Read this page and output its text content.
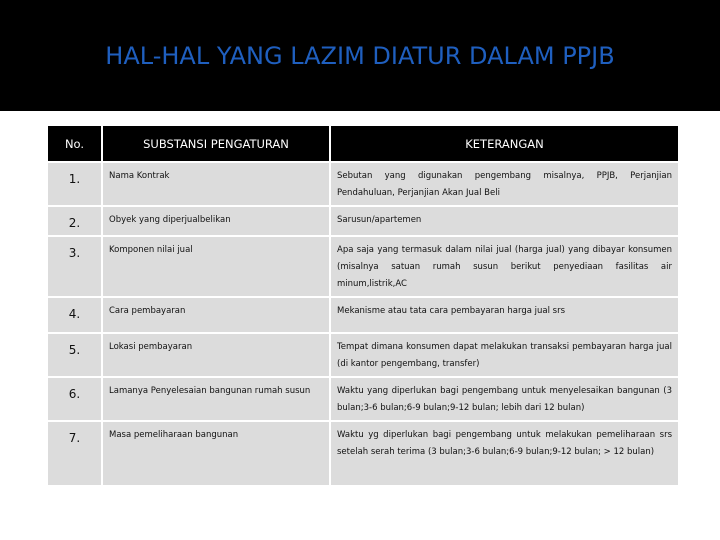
HAL-HAL YANG LAZIM DIATUR DALAM PPJB
No.	SUBSTANSI PENGATURAN	KETERANGAN
1.	Nama Kontrak	Sebutan yang digunakan pengembang misalnya, PPJB, Perjanjian Pendahuluan, Perjanjian Akan Jual Beli
2.	Obyek yang diperjualbelikan	Sarusun/apartemen
3.	Komponen nilai jual	Apa saja yang termasuk dalam nilai jual (harga jual) yang dibayar konsumen (misalnya satuan rumah susun berikut penyediaan fasilitas air minum,listrik,AC
4.	Cara pembayaran	Mekanisme atau tata cara pembayaran harga jual srs
5.	Lokasi pembayaran	Tempat dimana konsumen dapat melakukan transaksi pembayaran harga jual (di kantor pengembang, transfer)
6.	Lamanya Penyelesaian bangunan rumah susun	Waktu yang diperlukan bagi pengembang untuk menyelesaikan bangunan (3 bulan;3-6 bulan;6-9 bulan;9-12 bulan; lebih dari 12 bulan)
7.	Masa pemeliharaan bangunan	Waktu yg diperlukan bagi pengembang untuk melakukan pemeliharaan srs setelah serah terima (3 bulan;3-6 bulan;6-9 bulan;9-12 bulan; > 12 bulan)
